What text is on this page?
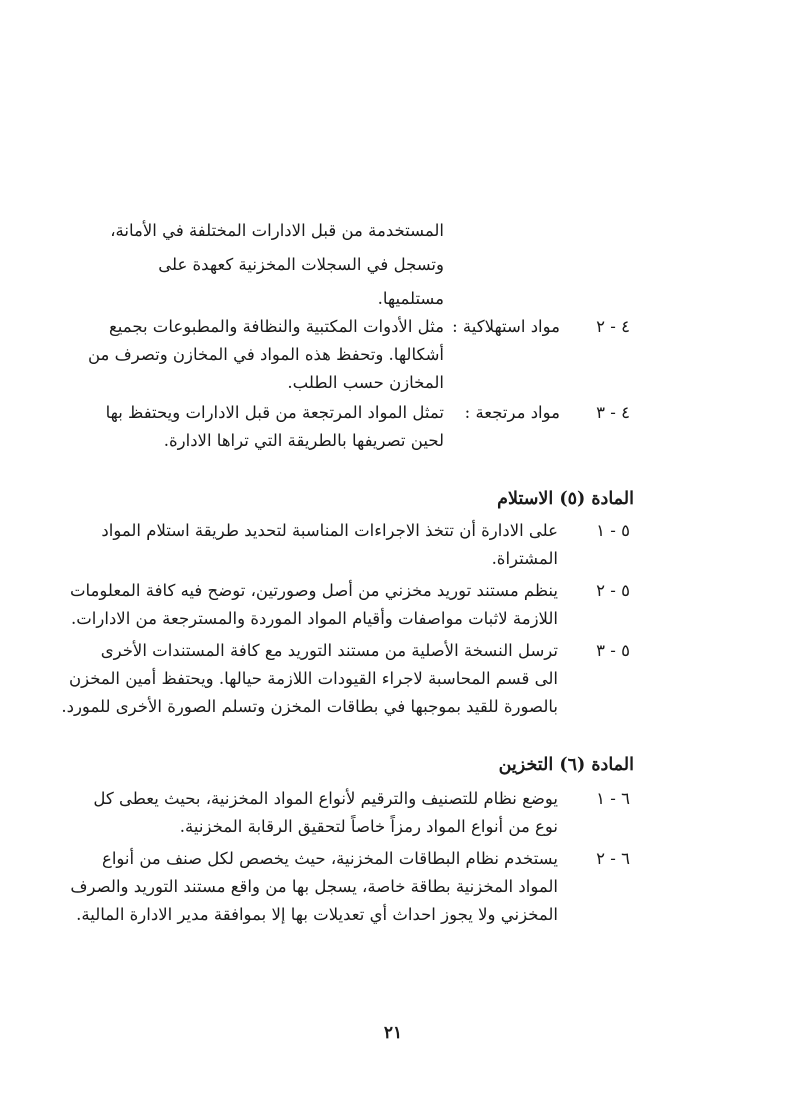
المستخدمة من قبل الادارات المختلفة في الأمانة،
وتسجل في السجلات المخزنية كعهدة على
مستلميها.
٤ - ٢
مواد استهلاكية :
مثل الأدوات المكتبية والنظافة والمطبوعات بجميع
أشكالها. وتحفظ هذه المواد في المخازن وتصرف من
المخازن حسب الطلب.
٤ - ٣
مواد مرتجعة :
تمثل المواد المرتجعة من قبل الادارات ويحتفظ بها
لحين تصريفها بالطريقة التي تراها الادارة.
المادة (٥) الاستلام
٥ - ١
على الادارة أن تتخذ الاجراءات المناسبة لتحديد طريقة استلام المواد
المشتراة.
٥ - ٢
ينظم مستند توريد مخزني من أصل وصورتين، توضح فيه كافة المعلومات
اللازمة لاثبات مواصفات وأقيام المواد الموردة والمسترجعة من الادارات.
٥ - ٣
ترسل النسخة الأصلية من مستند التوريد مع كافة المستندات الأخرى
الى قسم المحاسبة لاجراء القيودات اللازمة حيالها. ويحتفظ أمين المخزن
بالصورة للقيد بموجبها في بطاقات المخزن وتسلم الصورة الأخرى للمورد.
المادة (٦) التخزين
٦ - ١
يوضع نظام للتصنيف والترقيم لأنواع المواد المخزنية، بحيث يعطى كل
نوع من أنواع المواد رمزاً خاصاً لتحقيق الرقابة المخزنية.
٦ - ٢
يستخدم نظام البطاقات المخزنية، حيث يخصص لكل صنف من أنواع
المواد المخزنية بطاقة خاصة، يسجل بها من واقع مستند التوريد والصرف
المخزني ولا يجوز احداث أي تعديلات بها إلا بموافقة مدير الادارة المالية.
٢١
